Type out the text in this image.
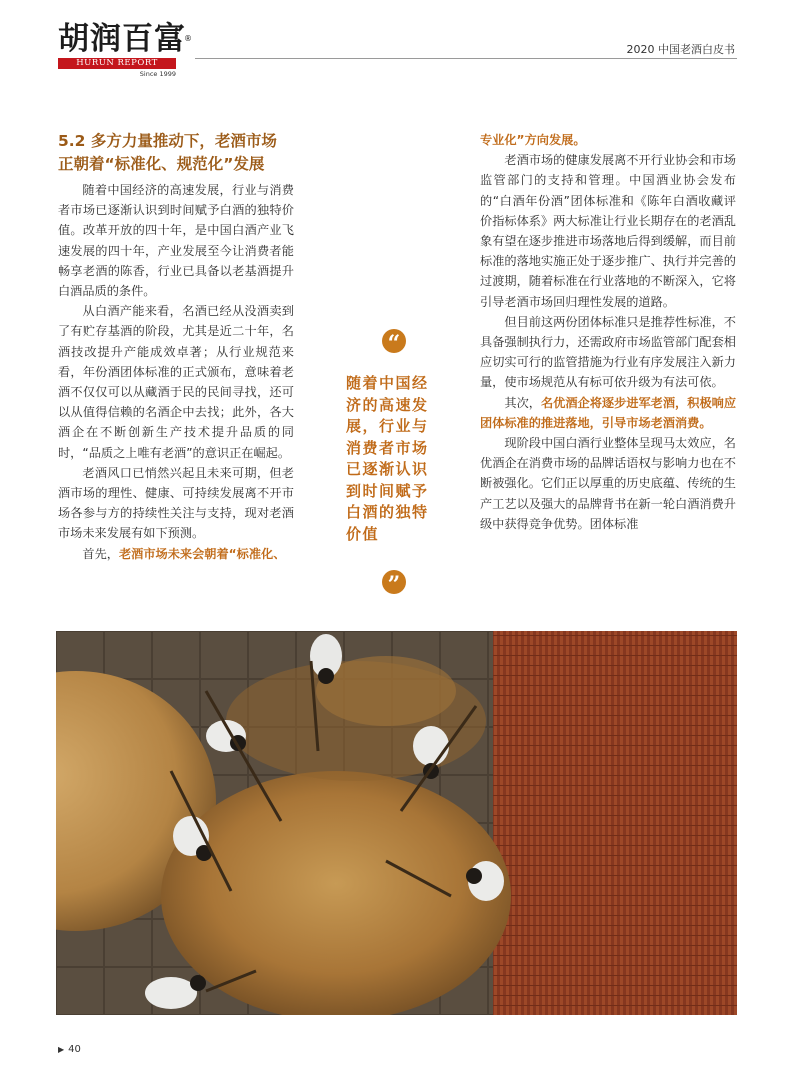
胡润百富
®
HURUN REPORT
Since 1999
2020 中国老酒白皮书
5.2 多方力量推动下，老酒市场
正朝着“标准化、规范化”发展

随着中国经济的高速发展，行业与消费者市场已逐渐认识到时间赋予白酒的独特价值。改革开放的四十年，是中国白酒产业飞速发展的四十年，产业发展至今让消费者能畅享老酒的陈香，行业已具备以老基酒提升白酒品质的条件。

从白酒产能来看，名酒已经从没酒卖到了有贮存基酒的阶段，尤其是近二十年，名酒技改提升产能成效卓著；从行业规范来看，年份酒团体标准的正式颁布，意味着老酒不仅仅可以从藏酒于民的民间寻找，还可以从值得信赖的名酒企中去找；此外，各大酒企在不断创新生产技术提升品质的同时，“品质之上唯有老酒”的意识正在崛起。

老酒风口已悄然兴起且未来可期，但老酒市场的理性、健康、可持续发展离不开市场各参与方的持续性关注与支持，现对老酒市场未来发展有如下预测。

首先，老酒市场未来会朝着“标准化、

“
随着中国经济的高速发展，行业与消费者市场已逐渐认识到时间赋予白酒的独特价值
”

专业化”方向发展。

老酒市场的健康发展离不开行业协会和市场监管部门的支持和管理。中国酒业协会发布的“白酒年份酒”团体标准和《陈年白酒收藏评价指标体系》两大标准让行业长期存在的老酒乱象有望在逐步推进市场落地后得到缓解，而目前标准的落地实施正处于逐步推广、执行并完善的过渡期，随着标准在行业落地的不断深入，它将引导老酒市场回归理性发展的道路。

但目前这两份团体标准只是推荐性标准，不具备强制执行力，还需政府市场监管部门配套相应切实可行的监管措施为行业有序发展注入新力量，使市场规范从有标可依升级为有法可依。

其次，名优酒企将逐步进军老酒，积极响应团体标准的推进落地，引导市场老酒消费。

现阶段中国白酒行业整体呈现马太效应，名优酒企在消费市场的品牌话语权与影响力也在不断被强化。它们正以厚重的历史底蕴、传统的生产工艺以及强大的品牌背书在新一轮白酒消费升级中获得竞争优势。团体标准

▶ 40
